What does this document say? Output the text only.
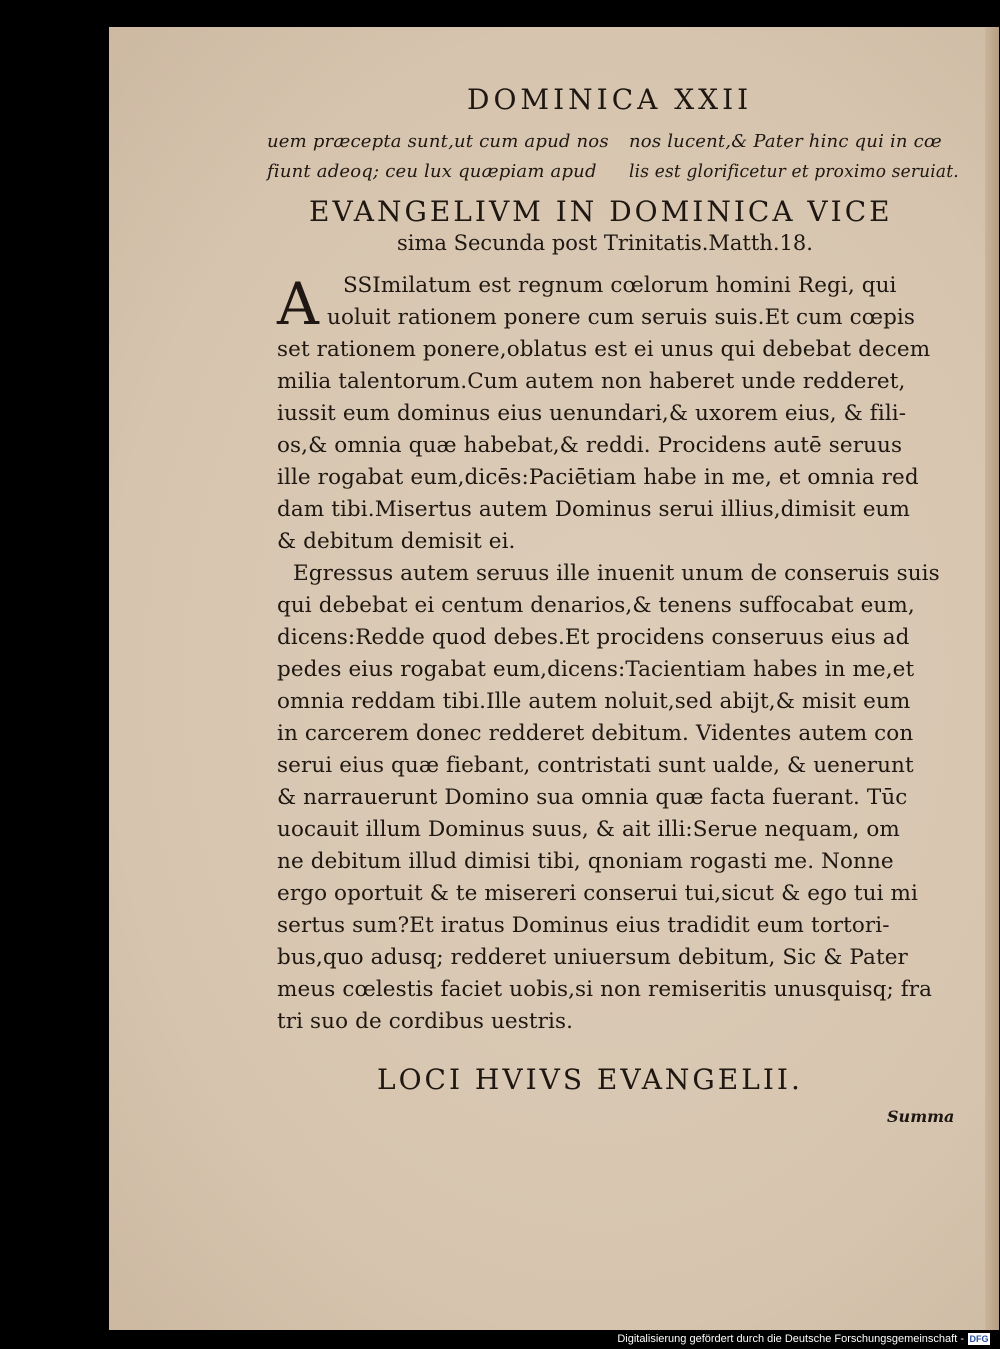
DOMINICA XXII
uem præcepta sunt,ut cum apud nos nos lucent,& Pater hinc qui in cœ
fiunt adeoq; ceu lux quæpiam apud lis est glorificetur et proximo seruiat.
EVANGELIVM IN DOMINICA VICE
sima Secunda post Trinitatis.Matth.18.
A SSImilatum est regnum cœlorum homini Regi, qui
uoluit rationem ponere cum seruis suis.Et cum cœpis
set rationem ponere,oblatus est ei unus qui debebat decem
milia talentorum.Cum autem non haberet unde redderet,
iussit eum dominus eius uenundari,& uxorem eius, & fili-
os,& omnia quæ habebat,& reddi. Procidens autē seruus
ille rogabat eum,dicēs:Paciētiam habe in me, et omnia red
dam tibi.Misertus autem Dominus serui illius,dimisit eum
& debitum demisit ei.
Egressus autem seruus ille inuenit unum de conseruis suis
qui debebat ei centum denarios,& tenens suffocabat eum,
dicens:Redde quod debes.Et procidens conseruus eius ad
pedes eius rogabat eum,dicens:Tacientiam habes in me,et
omnia reddam tibi.Ille autem noluit,sed abijt,& misit eum
in carcerem donec redderet debitum. Videntes autem con
serui eius quæ fiebant, contristati sunt ualde, & uenerunt
& narrauerunt Domino sua omnia quæ facta fuerant. Tūc
uocauit illum Dominus suus, & ait illi:Serue nequam, om
ne debitum illud dimisi tibi, qnoniam rogasti me. Nonne
ergo oportuit & te misereri conserui tui,sicut & ego tui mi
sertus sum?Et iratus Dominus eius tradidit eum tortori-
bus,quo adusq; redderet uniuersum debitum, Sic & Pater
meus cœlestis faciet uobis,si non remiseritis unusquisq; fra
tri suo de cordibus uestris.
LOCI HVIVS EVANGELII.
Summa
Digitalisierung gefördert durch die Deutsche Forschungsgemeinschaft - DFG
